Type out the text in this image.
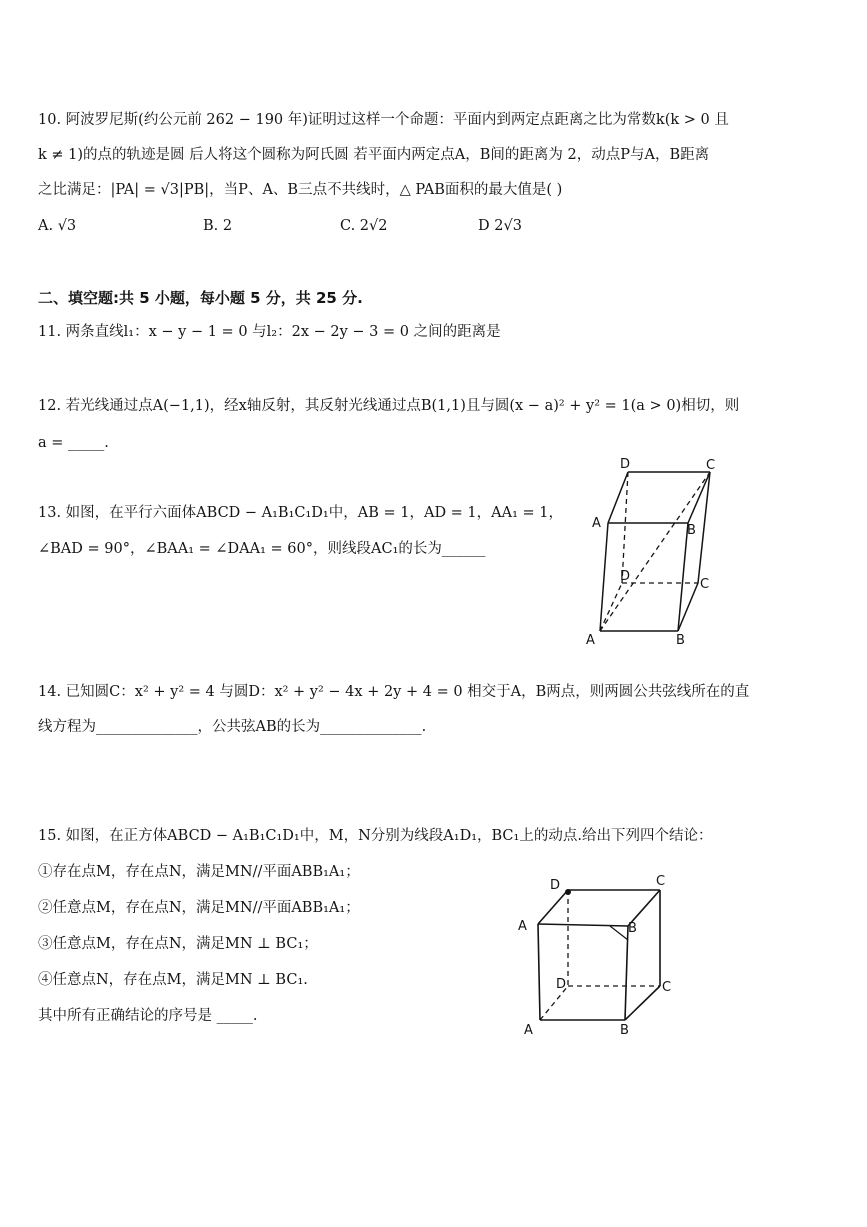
10. 阿波罗尼斯(约公元前 262 − 190 年)证明过这样一个命题：平面内到两定点距离之比为常数k(k > 0 且
k ≠ 1)的点的轨迹是圆 后人将这个圆称为阿氏圆 若平面内两定点A，B间的距离为 2，动点P与A，B距离
之比满足：|PA| = √3|PB|，当P、A、B三点不共线时，△ PAB面积的最大值是( )
A. √3	B. 2	C. 2√2	D 2√3
二、填空题:共 5 小题，每小题 5 分，共 25 分.
11. 两条直线l₁：x − y − 1 = 0 与l₂：2x − 2y − 3 = 0 之间的距离是
12. 若光线通过点A(−1,1)，经x轴反射，其反射光线通过点B(1,1)且与圆(x − a)² + y² = 1(a > 0)相切，则
a = _____.
13. 如图，在平行六面体ABCD − A₁B₁C₁D₁中，AB = 1，AD = 1，AA₁ = 1，
∠BAD = 90°，∠BAA₁ = ∠DAA₁ = 60°，则线段AC₁的长为______
D	C
A	B
D
C
A	B
14. 已知圆C：x² + y² = 4 与圆D：x² + y² − 4x + 2y + 4 = 0 相交于A，B两点，则两圆公共弦线所在的直
线方程为______________，公共弦AB的长为______________.
15. 如图，在正方体ABCD − A₁B₁C₁D₁中，M，N分别为线段A₁D₁，BC₁上的动点.给出下列四个结论：
①存在点M，存在点N，满足MN//平面ABB₁A₁；
②任意点M，存在点N，满足MN//平面ABB₁A₁；
③任意点M，存在点N，满足MN ⊥ BC₁；
④任意点N，存在点M，满足MN ⊥ BC₁.
其中所有正确结论的序号是 _____.
D	C
A	B
D	C
A	B
